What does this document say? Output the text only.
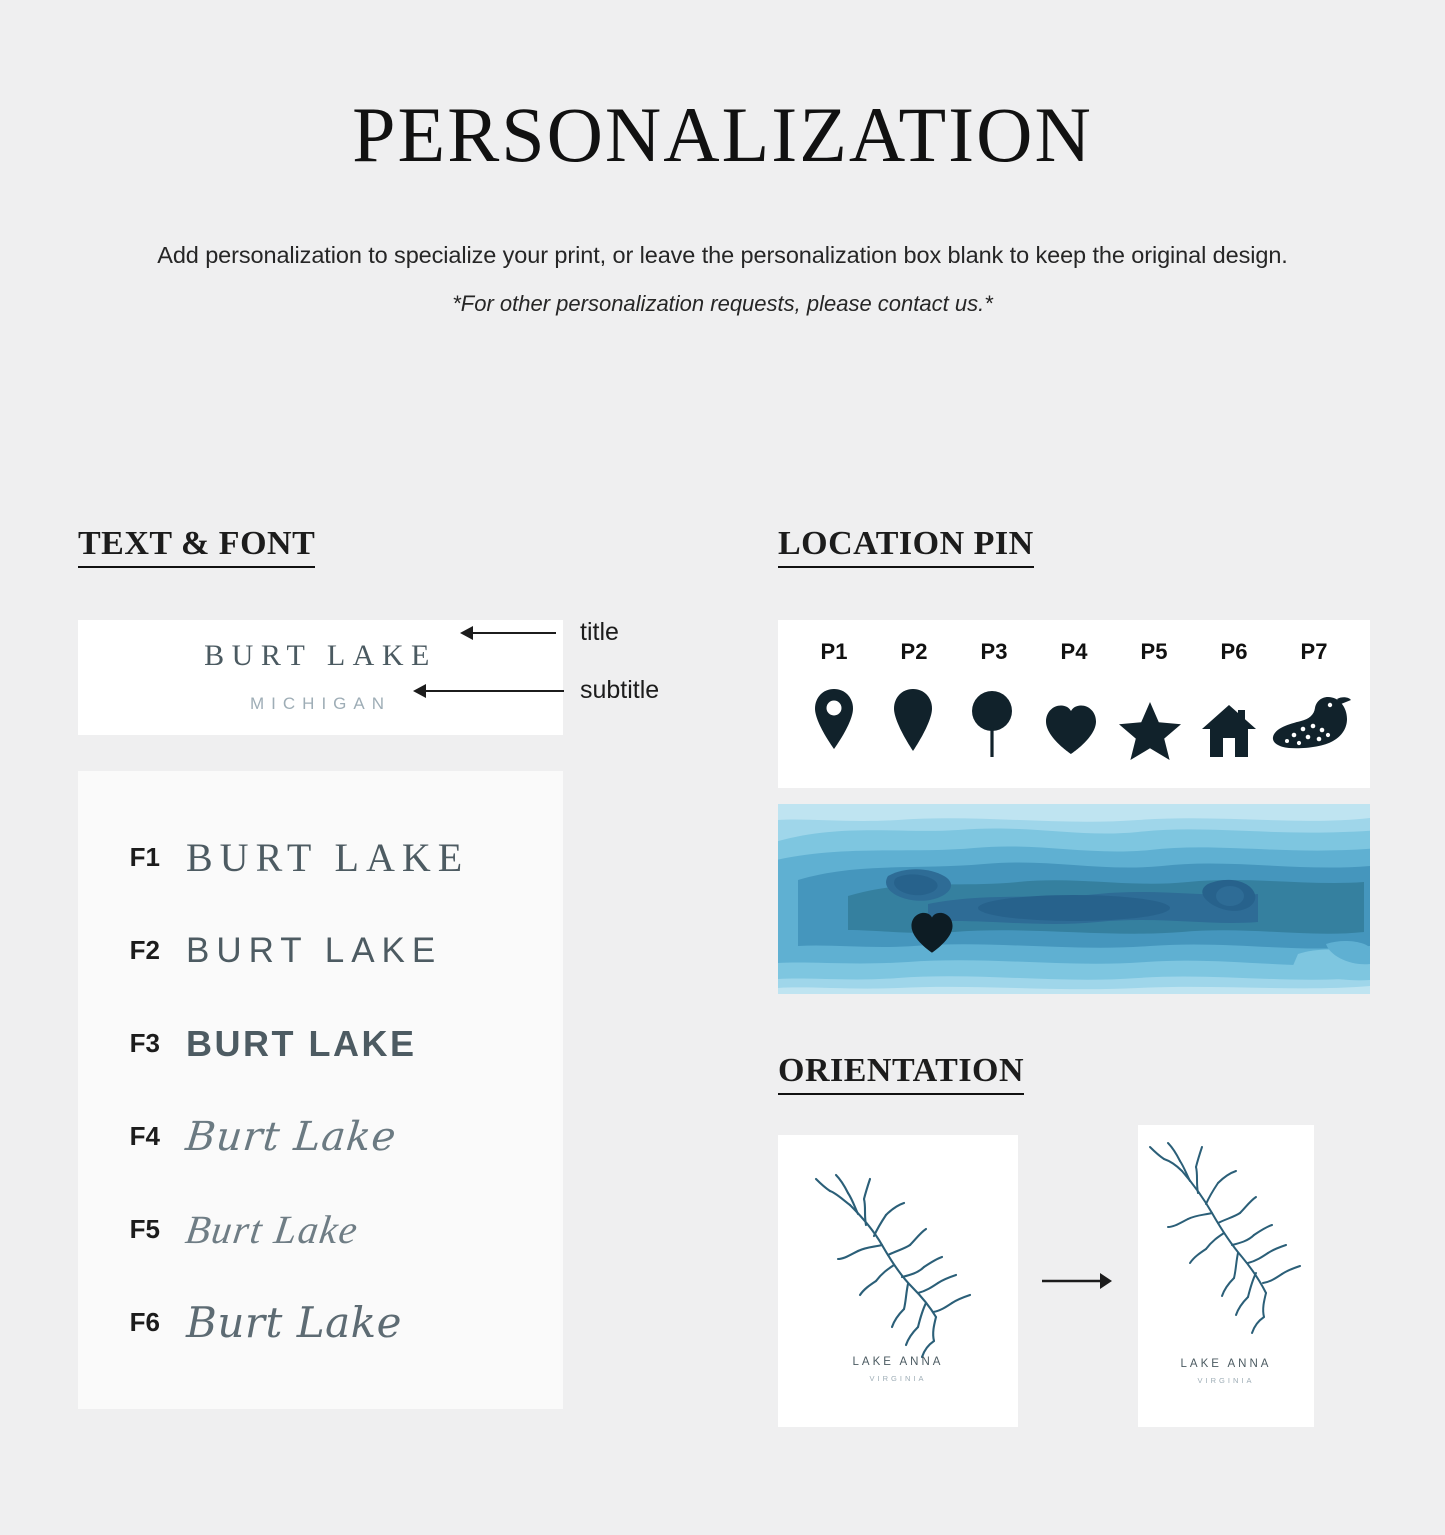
PERSONALIZATION

Add personalization to specialize your print, or leave the personalization box blank to keep the original design.

*For other personalization requests, please contact us.*

TEXT & FONT
BURT LAKE
MICHIGAN
title
subtitle
F1 BURT LAKE
F2 BURT LAKE
F3 BURT LAKE
F4 Burt Lake
F5 Burt Lake
F6 Burt Lake
LOCATION PIN
P1	P2	P3	P4	P5	P6	P7
ORIENTATION
LAKE ANNA
VIRGINIA
LAKE ANNA
VIRGINIA
